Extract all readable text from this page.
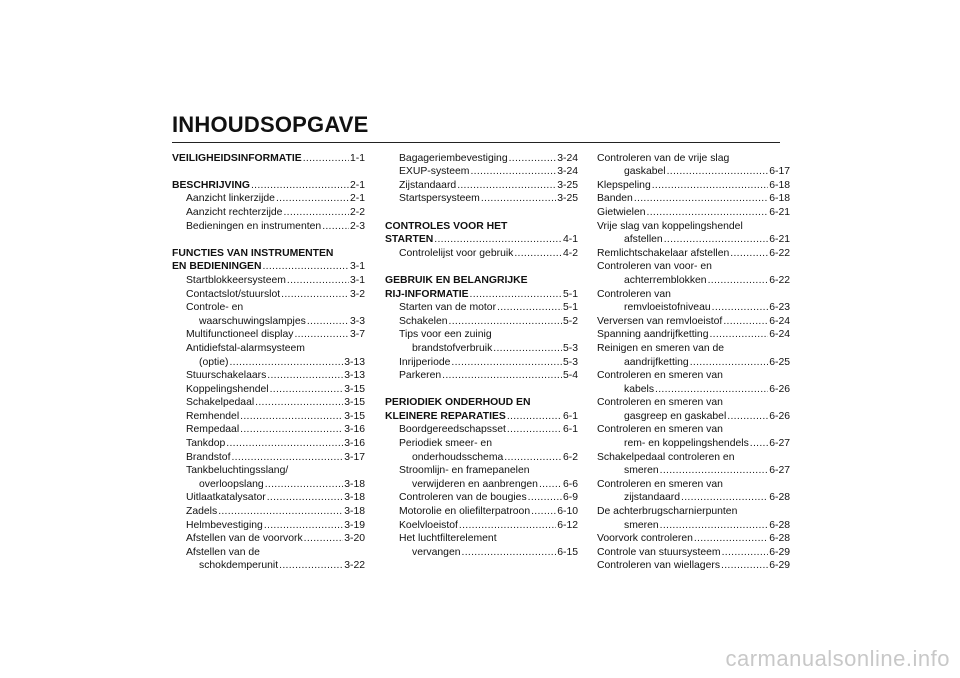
INHOUDSOPGAVE
VEILIGHEIDSINFORMATIE .....	1-1
BESCHRIJVING .....	2-1
Aanzicht linkerzijde .....	2-1
Aanzicht rechterzijde .....	2-2
Bedieningen en instrumenten .....	2-3
FUNCTIES VAN INSTRUMENTEN
EN BEDIENINGEN .....	3-1
Startblokkeersysteem .....	3-1
Contactslot/stuurslot .....	3-2
Controle- en
waarschuwingslampjes .....	3-3
Multifunctioneel display .....	3-7
Antidiefstal-alarmsysteem
(optie) .....	3-13
Stuurschakelaars .....	3-13
Koppelingshendel .....	3-15
Schakelpedaal .....	3-15
Remhendel .....	3-15
Rempedaal .....	3-16
Tankdop .....	3-16
Brandstof .....	3-17
Tankbeluchtingsslang/
overloopslang .....	3-18
Uitlaatkatalysator .....	3-18
Zadels .....	3-18
Helmbevestiging .....	3-19
Afstellen van de voorvork .....	3-20
Afstellen van de
schokdemperunit .....	3-22
Bagageriembevestiging .....	3-24
EXUP-systeem .....	3-24
Zijstandaard .....	3-25
Startspersysteem .....	3-25
CONTROLES VOOR HET
STARTEN .....	4-1
Controlelijst voor gebruik .....	4-2
GEBRUIK EN BELANGRIJKE
RIJ-INFORMATIE .....	5-1
Starten van de motor .....	5-1
Schakelen .....	5-2
Tips voor een zuinig
brandstofverbruik .....	5-3
Inrijperiode .....	5-3
Parkeren .....	5-4
PERIODIEK ONDERHOUD EN
KLEINERE REPARATIES .....	6-1
Boordgereedschapsset .....	6-1
Periodiek smeer- en
onderhoudsschema .....	6-2
Stroomlijn- en framepanelen
verwijderen en aanbrengen ..... 6-6
Controleren van de bougies .....	6-9
Motorolie en oliefilterpatroon .....	6-10
Koelvloeistof .....	6-12
Het luchtfilterelement
vervangen .....	6-15
Controleren van de vrije slag
gaskabel .....	6-17
Klepspeling .....	6-18
Banden .....	6-18
Gietwielen .....	6-21
Vrije slag van koppelingshendel
afstellen .....	6-21
Remlichtschakelaar afstellen .....	6-22
Controleren van voor- en
achterremblokken .....	6-22
Controleren van
remvloeistofniveau .....	6-23
Verversen van remvloeistof .....	6-24
Spanning aandrijfketting .....	6-24
Reinigen en smeren van de
aandrijfketting .....	6-25
Controleren en smeren van
kabels .....	6-26
Controleren en smeren van
gasgreep en gaskabel .....	6-26
Controleren en smeren van
rem- en koppelingshendels ..... 6-27
Schakelpedaal controleren en
smeren .....	6-27
Controleren en smeren van
zijstandaard .....	6-28
De achterbrugscharnierpunten
smeren .....	6-28
Voorvork controleren .....	6-28
Controle van stuursysteem .....	6-29
Controleren van wiellagers .....	6-29
carmanualsonline.info
